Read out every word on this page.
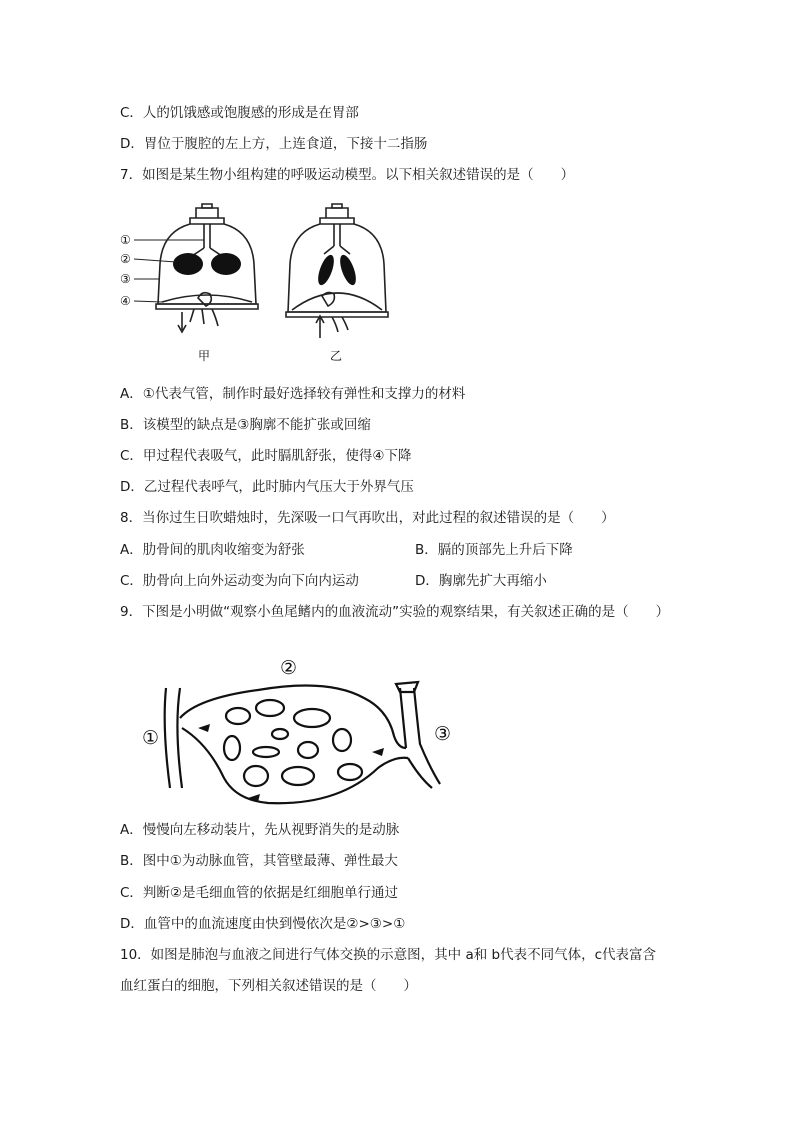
C．人的饥饿感或饱腹感的形成是在胃部
D．胃位于腹腔的左上方，上连食道，下接十二指肠
7．如图是某生物小组构建的呼吸运动模型。以下相关叙述错误的是（　　）
①
②
③
④
甲	乙
A．①代表气管，制作时最好选择较有弹性和支撑力的材料
B．该模型的缺点是③胸廓不能扩张或回缩
C．甲过程代表吸气，此时膈肌舒张，使得④下降
D．乙过程代表呼气，此时肺内气压大于外界气压
8．当你过生日吹蜡烛时，先深吸一口气再吹出，对此过程的叙述错误的是（　　）
A．肋骨间的肌肉收缩变为舒张	B．膈的顶部先上升后下降
C．肋骨向上向外运动变为向下向内运动	D．胸廓先扩大再缩小
9．下图是小明做“观察小鱼尾鳍内的血液流动”实验的观察结果，有关叙述正确的是（　　）
①
②
③
A．慢慢向左移动装片，先从视野消失的是动脉
B．图中①为动脉血管，其管壁最薄、弹性最大
C．判断②是毛细血管的依据是红细胞单行通过
D．血管中的血流速度由快到慢依次是②>③>①
10．如图是肺泡与血液之间进行气体交换的示意图，其中 a和 b代表不同气体，c代表富含
血红蛋白的细胞，下列相关叙述错误的是（　　）
